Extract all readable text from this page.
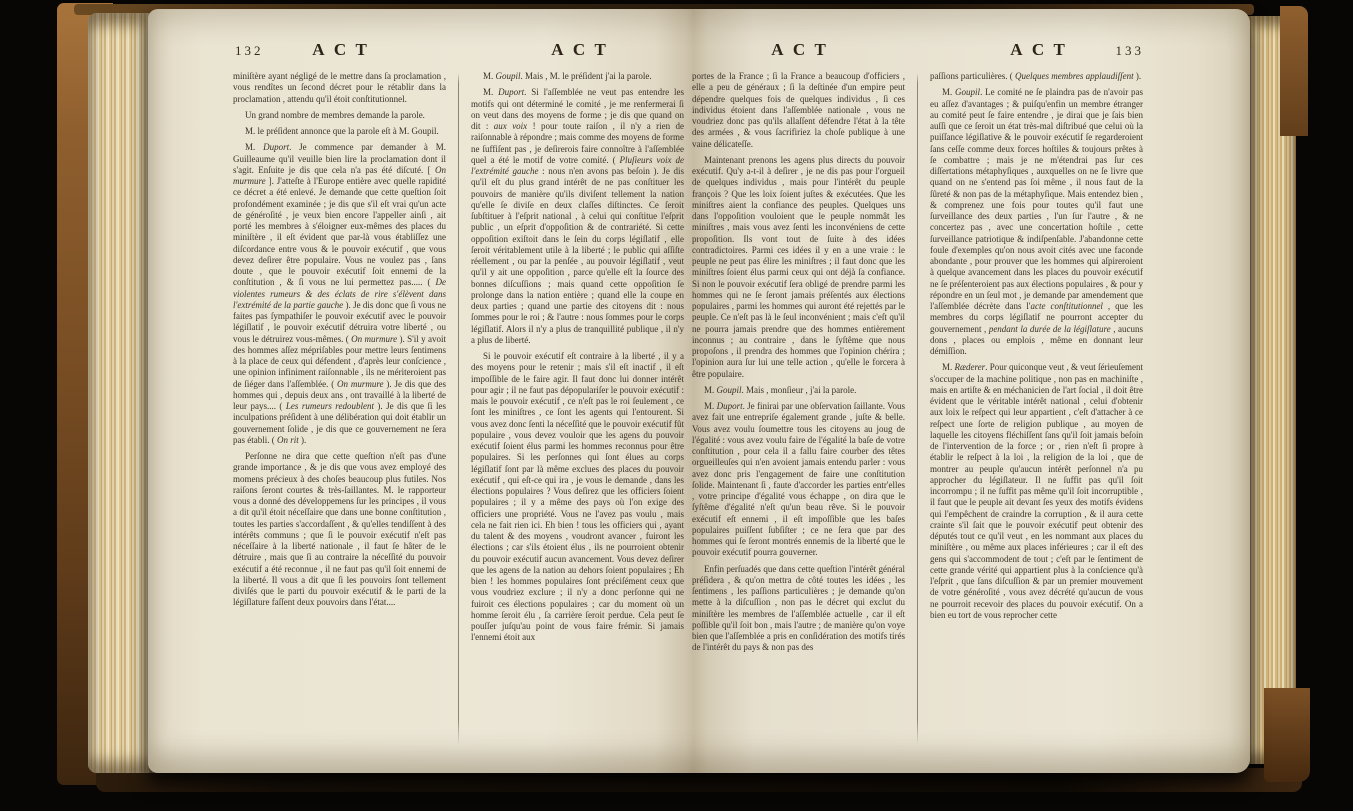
132	ACT	ACT

miniſtère ayant négligé de le mettre dans ſa proclamation , vous rendîtes un ſecond décret pour le rétablir dans la proclamation , attendu qu'il étoit conſtitutionnel.

Un grand nombre de membres demande la parole.

M. le préſident annonce que la parole eſt à M. Goupil.

M. Duport. Je commence par demander à M. Guilleaume qu'il veuille bien lire la proclamation dont il s'agit. Enſuite je dis que cela n'a pas été diſcuté. [ On murmure ]. J'atteſte à l'Europe entière avec quelle rapidité ce décret a été enlevé. Je demande que cette queſtion ſoit profondément examinée ; je dis que s'il eſt vrai qu'un acte de généroſité , je veux bien encore l'appeller ainſi , ait porté les membres à s'éloigner eux-mêmes des places du miniſtère , il eſt évident que par-là vous établiſſez une diſcordance entre vous & le pouvoir exécutif , que vous devez deſirer être populaire. Vous ne voulez pas , ſans doute , que le pouvoir exécutif ſoit ennemi de la conſtitution , & ſi vous ne lui permettez pas..... ( De violentes rumeurs & des éclats de rire s'élèvent dans l'extrémité de la partie gauche ). Je dis donc que ſi vous ne faites pas ſympathiſer le pouvoir exécutif avec le pouvoir légiſlatif , le pouvoir exécutif détruira votre liberté , ou vous le détruirez vous-mêmes. ( On murmure ). S'il y avoit des hommes aſſez mépriſables pour mettre leurs ſentimens à la place de ceux qui défendent , d'après leur conſcience , une opinion infiniment raiſonnable , ils ne mériteroient pas de ſiéger dans l'aſſemblée. ( On murmure ). Je dis que des hommes qui , depuis deux ans , ont travaillé à la liberté de leur pays.... ( Les rumeurs redoublent ). Je dis que ſi les inculpations préſident à une délibération qui doit établir un gouvernement ſolide , je dis que ce gouvernement ne ſera pas établi. ( On rit ).

Perſonne ne dira que cette queſtion n'eſt pas d'une grande importance , & je dis que vous avez employé des momens précieux à des choſes beaucoup plus futiles. Nos raiſons ſeront courtes & très-ſaillantes. M. le rapporteur vous a donné des développemens ſur les principes , il vous a dit qu'il étoit néceſſaire que dans une bonne conſtitution , toutes les parties s'accordaſſent , & qu'elles tendiſſent à des intérêts communs ; que ſi le pouvoir exécutif n'eſt pas néceſſaire à la liberté nationale , il faut ſe hâter de le détruire , mais que ſi au contraire la néceſſité du pouvoir exécutif a été reconnue , il ne faut pas qu'il ſoit ennemi de la liberté. Il vous a dit que ſi les pouvoirs ſont tellement diviſés que le parti du pouvoir exécutif & le parti de la légiſlature faſſent deux pouvoirs dans l'état....

M. Goupil. Mais , M. le préſident j'ai la parole.

M. Duport. Si l'aſſemblée ne veut pas entendre les motifs qui ont déterminé le comité , je me renfermerai ſi on veut dans des moyens de forme ; je dis que quand on dit : aux voix ! pour toute raiſon , il n'y a rien de raiſonnable à répondre ; mais comme des moyens de forme ne ſuffiſent pas , je deſirerois faire connoître à l'aſſemblée quel a été le motif de votre comité. ( Pluſieurs voix de l'extrémité gauche : nous n'en avons pas beſoin ). Je dis qu'il eſt du plus grand intérêt de ne pas conſtituer les pouvoirs de manière qu'ils diviſent tellement la nation qu'elle ſe diviſe en deux claſſes diſtinctes. Ce ſeroit ſubſtituer à l'eſprit national , à celui qui conſtitue l'eſprit public , un eſprit d'oppoſition & de contrariété. Si cette oppoſition exiſtoit dans le ſein du corps légiſlatif , elle ſeroit véritablement utile à la liberté ; le public qui aſſiſte réellement , ou par la penſée , au pouvoir légiſlatif , veut qu'il y ait une oppoſition , parce qu'elle eſt la ſource des bonnes diſcuſſions ; mais quand cette oppoſition ſe prolonge dans la nation entière ; quand elle la coupe en deux parties ; quand une partie des citoyens dit : nous ſommes pour le roi ; & l'autre : nous ſommes pour le corps légiſlatif. Alors il n'y a plus de tranquillité publique , il n'y a plus de liberté.

Si le pouvoir exécutif eſt contraire à la liberté , il y a des moyens pour le retenir ; mais s'il eſt inactif , il eſt impoſſible de le faire agir. Il faut donc lui donner intérêt pour agir ; il ne faut pas dépopulariſer le pouvoir exécutif : mais le pouvoir exécutif , ce n'eſt pas le roi ſeulement , ce ſont les miniſtres , ce ſont les agents qui l'entourent. Si vous avez donc ſenti la néceſſité que le pouvoir exécutif fût populaire , vous devez vouloir que les agens du pouvoir exécutif ſoient élus parmi les hommes reconnus pour être populaires. Si les perſonnes qui ſont élues au corps légiſlatif ſont par là même exclues des places du pouvoir exécutif , qui eſt-ce qui ira , je vous le demande , dans les élections populaires ? Vous deſirez que les officiers ſoient populaires ; il y a même des pays où l'on exige des officiers une propriété. Vous ne l'avez pas voulu , mais cela ne fait rien ici. Eh bien ! tous les officiers qui , ayant du talent & des moyens , voudront avancer , fuiront les élections ; car s'ils étoient élus , ils ne pourroient obtenir du pouvoir exécutif aucun avancement. Vous devez deſirer que les agens de la nation au dehors ſoient populaires ; Eh bien ! les hommes populaires ſont préciſément ceux que vous voudriez exclure ; il n'y a donc perſonne qui ne fuiroit ces élections populaires ; car du moment où un homme ſeroit élu , ſa carrière ſeroit perdue. Cela peut ſe pouſſer juſqu'au point de vous faire frémir. Si jamais l'ennemi étoit aux

133
ACT	ACT

portes de la France ; ſi la France a beaucoup d'officiers , elle a peu de généraux ; ſi la deſtinée d'un empire peut dépendre quelques fois de quelques individus , ſi ces individus étoient dans l'aſſemblée nationale , vous ne voudriez donc pas qu'ils allaſſent défendre l'état à la tête des armées , & vous ſacrifiriez la choſe publique à une vaine délicateſſe.

Maintenant prenons les agens plus directs du pouvoir exécutif. Qu'y a-t-il à deſirer , je ne dis pas pour l'orgueil de quelques individus , mais pour l'intérêt du peuple françois ? Que les loix ſoient juſtes & exécutées. Que les miniſtres aient la confiance des peuples. Quelques uns dans l'oppoſition vouloient que le peuple nommât les miniſtres , mais vous avez ſenti les inconvéniens de cette propoſition. Ils vont tout de ſuite à des idées contradictoires. Parmi ces idées il y en a une vraie : le peuple ne peut pas élire les miniſtres ; il faut donc que les miniſtres ſoient élus parmi ceux qui ont déjà ſa confiance. Si non le pouvoir exécutif ſera obligé de prendre parmi les hommes qui ne ſe ſeront jamais préſentés aux élections populaires , parmi les hommes qui auront été rejettés par le peuple. Ce n'eſt pas là le ſeul inconvénient ; mais c'eſt qu'il ne pourra jamais prendre que des hommes entièrement inconnus ; au contraire , dans le ſyſtême que nous propoſons , il prendra des hommes que l'opinion chérira ; l'opinion aura ſur lui une telle action , qu'elle le forcera à être populaire.

M. Goupil. Mais , monſieur , j'ai la parole.

M. Duport. Je finirai par une obſervation ſaillante. Vous avez fait une entrepriſe également grande , juſte & belle. Vous avez voulu ſoumettre tous les citoyens au joug de l'égalité : vous avez voulu faire de l'égalité la baſe de votre conſtitution , pour cela il a fallu faire courber des têtes orgueilleuſes qui n'en avoient jamais entendu parler : vous avez donc pris l'engagement de faire une conſtitution ſolide. Maintenant ſi , faute d'accorder les parties entr'elles , votre principe d'égalité vous échappe , on dira que le ſyſtême d'égalité n'eſt qu'un beau rêve. Si le pouvoir exécutif eſt ennemi , il eſt impoſſible que les baſes populaires puiſſent ſubſiſter ; ce ne ſera que par des hommes qui ſe ſeront montrés ennemis de la liberté que le pouvoir exécutif pourra gouverner.

Enfin perſuadés que dans cette queſtion l'intérêt général préſidera , & qu'on mettra de côté toutes les idées , les ſentimens , les paſſions particulières ; je demande qu'on mette à la diſcuſſion , non pas le décret qui exclut du miniſtère les membres de l'aſſemblée actuelle , car il eſt poſſible qu'il ſoit bon , mais l'autre ; de manière qu'on voye bien que l'aſſemblée a pris en conſidération des motifs tirés de l'intérêt du pays & non pas des

paſſions particulières. ( Quelques membres applaudiſſent ).

M. Goupil. Le comité ne ſe plaindra pas de n'avoir pas eu aſſez d'avantages ; & puiſqu'enfin un membre étranger au comité peut ſe faire entendre , je dirai que je ſais bien auſſi que ce ſeroit un état très-mal diſtribué que celui où la puiſſance légiſlative & le pouvoir exécutif ſe regarderoient ſans ceſſe comme deux forces hoſtiles & toujours prêtes à ſe combattre ; mais je ne m'étendrai pas ſur ces diſſertations métaphyſiques , auxquelles on ne ſe livre que quand on ne s'entend pas ſoi même , il nous faut de la ſûreté & non pas de la métaphyſique. Mais entendez bien , & comprenez une fois pour toutes qu'il faut une ſurveillance des deux parties , l'un ſur l'autre , & ne concertez pas , avec une concertation hoſtile , cette ſurveillance patriotique & indiſpenſable. J'abandonne cette foule d'exemples qu'on nous avoit cités avec une faconde abondante , pour prouver que les hommes qui aſpireroient à quelque avancement dans les places du pouvoir exécutif ne ſe préſenteroient pas aux élections populaires , & pour y répondre en un ſeul mot , je demande par amendement que l'aſſemblée décrète dans l'acte conſtitutionnel , que les membres du corps légiſlatif ne pourront accepter du gouvernement , pendant la durée de la légiſlature , aucuns dons , places ou emplois , même en donnant leur démiſſion.

M. Ræderer. Pour quiconque veut , & veut ſérieuſement s'occuper de la machine politique , non pas en machiniſte , mais en artiſte & en méchanicien de l'art ſocial , il doit être évident que le véritable intérêt national , celui d'obtenir aux loix le reſpect qui leur appartient , c'eſt d'attacher à ce reſpect une ſorte de religion publique , au moyen de laquelle les citoyens fléchiſſent ſans qu'il ſoit jamais beſoin de l'intervention de la force ; or , rien n'eſt ſi propre à établir le reſpect à la loi , la religion de la loi , que de montrer au peuple qu'aucun intérêt perſonnel n'a pu approcher du légiſlateur. Il ne ſuffit pas qu'il ſoit incorrompu ; il ne ſuffit pas même qu'il ſoit incorruptible , il faut que le peuple ait devant ſes yeux des motifs évidens qui l'empêchent de craindre la corruption , & il aura cette crainte s'il ſait que le pouvoir exécutif peut obtenir des députés tout ce qu'il veut , en les nommant aux places du miniſtère , ou même aux places inférieures ; car il eſt des gens qui s'accommodent de tout ; c'eſt par le ſentiment de cette grande vérité qui appartient plus à la conſcience qu'à l'eſprit , que ſans diſcuſſion & par un premier mouvement de votre généroſité , vous avez décrété qu'aucun de vous ne pourroit recevoir des places du pouvoir exécutif. On a bien eu tort de vous reprocher cette
